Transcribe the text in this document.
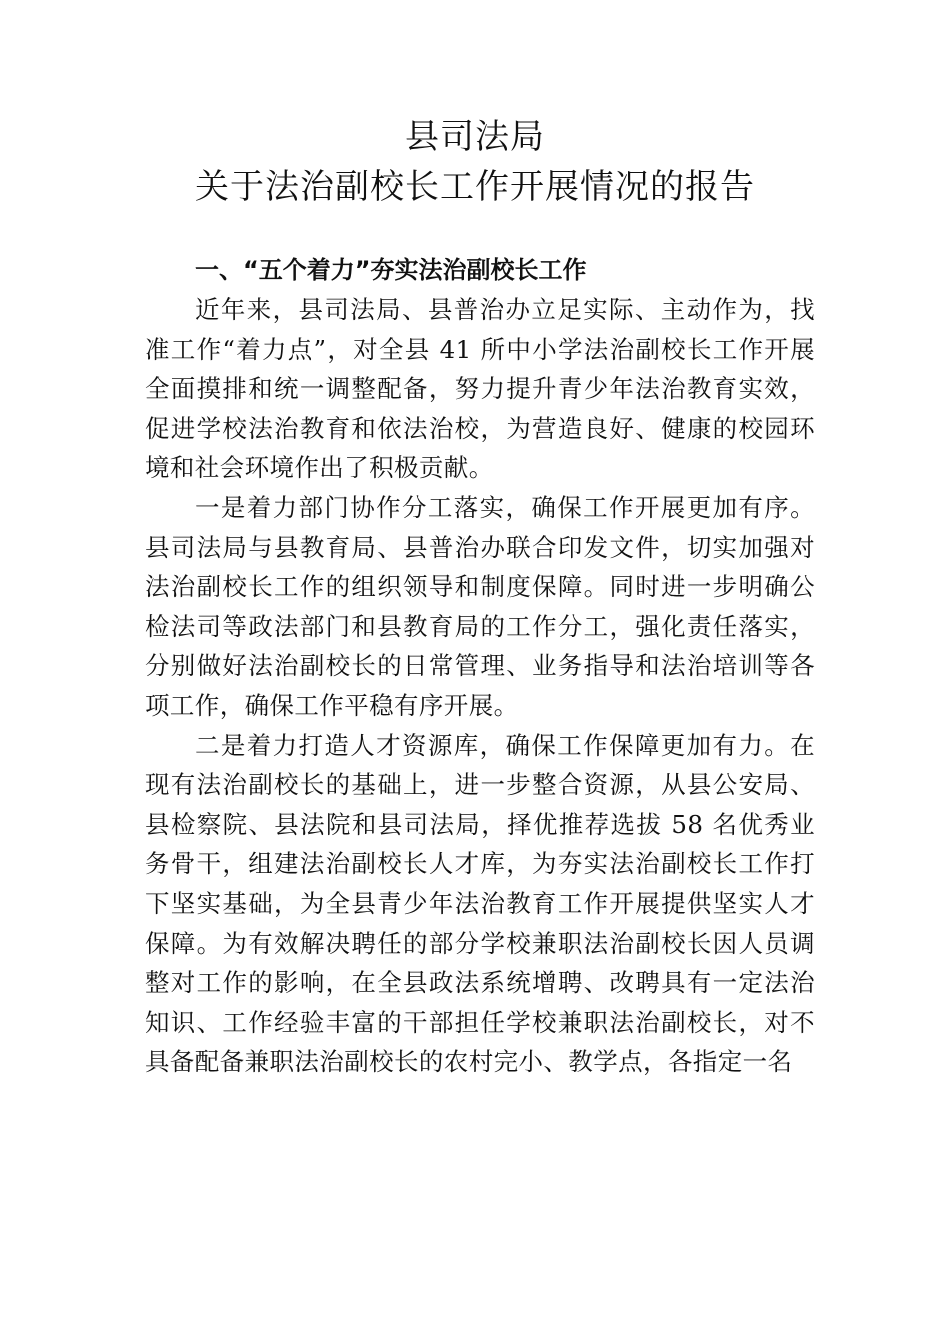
县司法局
关于法治副校长工作开展情况的报告

一、“五个着力”夯实法治副校长工作

近年来，县司法局、县普治办立足实际、主动作为，找准工作“着力点”，对全县 41 所中小学法治副校长工作开展全面摸排和统一调整配备，努力提升青少年法治教育实效，促进学校法治教育和依法治校，为营造良好、健康的校园环境和社会环境作出了积极贡献。

一是着力部门协作分工落实，确保工作开展更加有序。县司法局与县教育局、县普治办联合印发文件，切实加强对法治副校长工作的组织领导和制度保障。同时进一步明确公检法司等政法部门和县教育局的工作分工，强化责任落实， 分别做好法治副校长的日常管理、业务指导和法治培训等各项工作，确保工作平稳有序开展。

二是着力打造人才资源库，确保工作保障更加有力。在现有法治副校长的基础上，进一步整合资源，从县公安局、县检察院、县法院和县司法局，择优推荐选拔 58 名优秀业务骨干，组建法治副校长人才库，为夯实法治副校长工作打下坚实基础，为全县青少年法治教育工作开展提供坚实人才保障。为有效解决聘任的部分学校兼职法治副校长因人员调整对工作的影响，在全县政法系统增聘、改聘具有一定法治知识、工作经验丰富的干部担任学校兼职法治副校长，对不具备配备兼职法治副校长的农村完小、教学点，各指定一名
